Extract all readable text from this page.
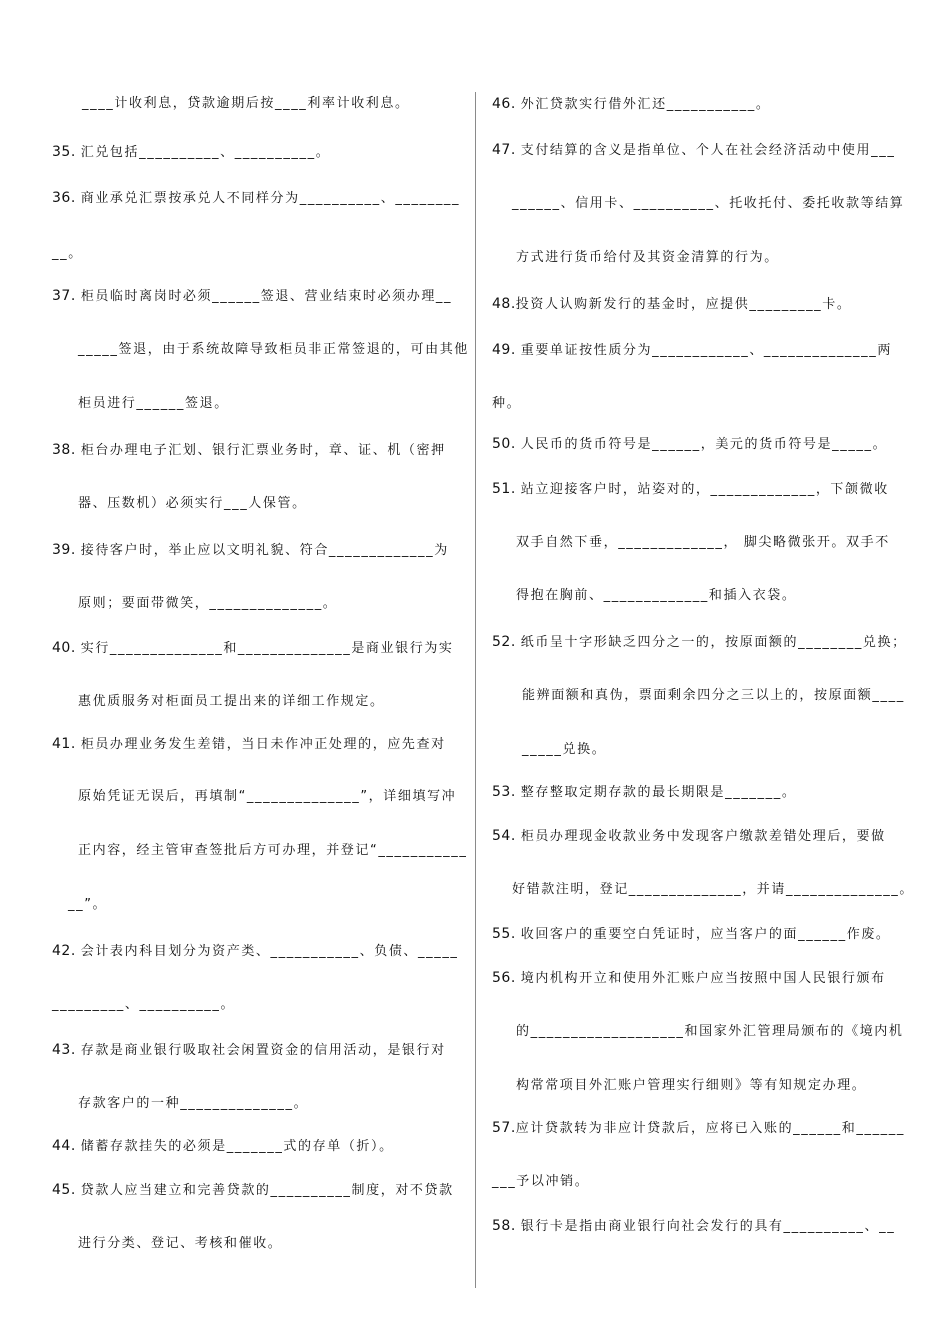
____计收利息，贷款逾期后按____利率计收利息。
35. 汇兑包括__________、__________。
36. 商业承兑汇票按承兑人不同样分为__________、________
__。
37. 柜员临时离岗时必须______签退、营业结束时必须办理__
_____签退，由于系统故障导致柜员非正常签退的，可由其他
柜员进行______签退。
38. 柜台办理电子汇划、银行汇票业务时，章、证、机（密押
器、压数机）必须实行___人保管。
39. 接待客户时，举止应以文明礼貌、符合_____________为
原则；要面带微笑，______________。
40. 实行______________和______________是商业银行为实
惠优质服务对柜面员工提出来的详细工作规定。
41. 柜员办理业务发生差错，当日未作冲正处理的，应先查对
原始凭证无误后，再填制“______________”，详细填写冲
正内容，经主管审查签批后方可办理，并登记“___________
__”。
42. 会计表内科目划分为资产类、___________、负债、_____
_________、__________。
43. 存款是商业银行吸取社会闲置资金的信用活动，是银行对
存款客户的一种______________。
44. 储蓄存款挂失的必须是_______式的存单（折）。
45. 贷款人应当建立和完善贷款的__________制度，对不贷款
进行分类、登记、考核和催收。
46. 外汇贷款实行借外汇还___________。
47. 支付结算的含义是指单位、个人在社会经济活动中使用___
______、信用卡、__________、托收托付、委托收款等结算
方式进行货币给付及其资金清算的行为。
48.投资人认购新发行的基金时，应提供_________卡。
49. 重要单证按性质分为____________、______________两
种。
50. 人民币的货币符号是______，美元的货币符号是_____。
51. 站立迎接客户时，站姿对的，_____________，下颌微收
双手自然下垂，_____________， 脚尖略微张开。双手不
得抱在胸前、_____________和插入衣袋。
52. 纸币呈十字形缺乏四分之一的，按原面额的________兑换；
能辨面额和真伪，票面剩余四分之三以上的，按原面额____
_____兑换。
53. 整存整取定期存款的最长期限是_______。
54. 柜员办理现金收款业务中发现客户缴款差错处理后，要做
好错款注明，登记______________，并请______________。
55. 收回客户的重要空白凭证时，应当客户的面______作废。
56. 境内机构开立和使用外汇账户应当按照中国人民银行颁布
的___________________和国家外汇管理局颁布的《境内机
构常常项目外汇账户管理实行细则》等有知规定办理。
57.应计贷款转为非应计贷款后，应将已入账的______和______
___予以冲销。
58. 银行卡是指由商业银行向社会发行的具有__________、__
